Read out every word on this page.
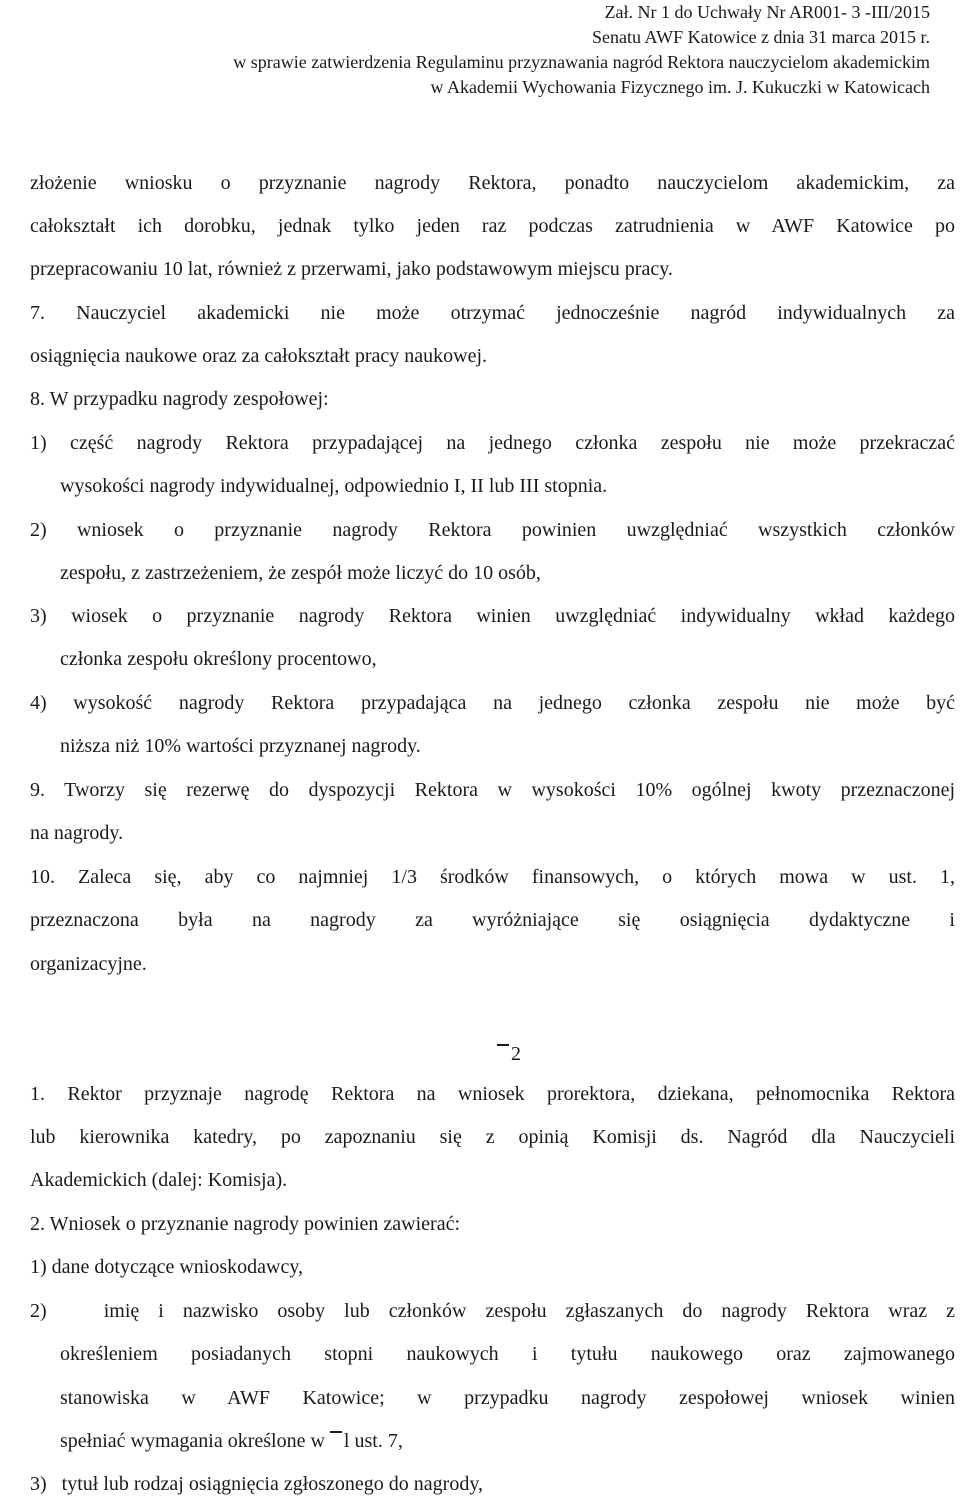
Zał. Nr 1 do Uchwały Nr AR001- 3 -III/2015
Senatu AWF Katowice z dnia 31 marca 2015 r.
w sprawie zatwierdzenia Regulaminu przyznawania nagród Rektora nauczycielom akademickim
w Akademii Wychowania Fizycznego im. J. Kukuczki w Katowicach
złożenie wniosku o przyznanie nagrody Rektora, ponadto nauczycielom akademickim, za
całokształt ich dorobku, jednak tylko jeden raz podczas zatrudnienia w AWF Katowice po
przepracowaniu 10 lat, również z przerwami, jako podstawowym miejscu pracy.
7. Nauczyciel akademicki nie może otrzymać jednocześnie nagród indywidualnych za
osiągnięcia naukowe oraz za całokształt pracy naukowej.
8. W przypadku nagrody zespołowej:
1) część nagrody Rektora przypadającej na jednego członka zespołu nie może przekraczać
wysokości nagrody indywidualnej, odpowiednio I, II lub III stopnia.
2) wniosek o przyznanie nagrody Rektora powinien uwzględniać wszystkich członków
zespołu, z zastrzeżeniem, że zespół może liczyć do 10 osób,
3) wiosek o przyznanie nagrody Rektora winien uwzględniać indywidualny wkład każdego
członka zespołu określony procentowo,
4) wysokość nagrody Rektora przypadająca na jednego członka zespołu nie może być
niższa niż 10% wartości przyznanej nagrody.
9. Tworzy się rezerwę do dyspozycji Rektora w wysokości 10% ogólnej kwoty przeznaczonej
na nagrody.
10. Zaleca się, aby co najmniej 1/3 środków finansowych, o których mowa w ust. 1,
przeznaczona była na nagrody za wyróżniające się osiągnięcia dydaktyczne i
organizacyjne.
2
1. Rektor przyznaje nagrodę Rektora na wniosek prorektora, dziekana, pełnomocnika Rektora
lub kierownika katedry, po zapoznaniu się z opinią Komisji ds. Nagród dla Nauczycieli
Akademickich (dalej: Komisja).
2. Wniosek o przyznanie nagrody powinien zawierać:
1) dane dotyczące wnioskodawcy,
2)   imię i nazwisko osoby lub członków zespołu zgłaszanych do nagrody Rektora wraz z
określeniem posiadanych stopni naukowych i tytułu naukowego oraz zajmowanego
stanowiska w AWF Katowice; w przypadku nagrody zespołowej wniosek winien
spełniać wymagania określone w l ust. 7,
3)   tytuł lub rodzaj osiągnięcia zgłoszonego do nagrody,
